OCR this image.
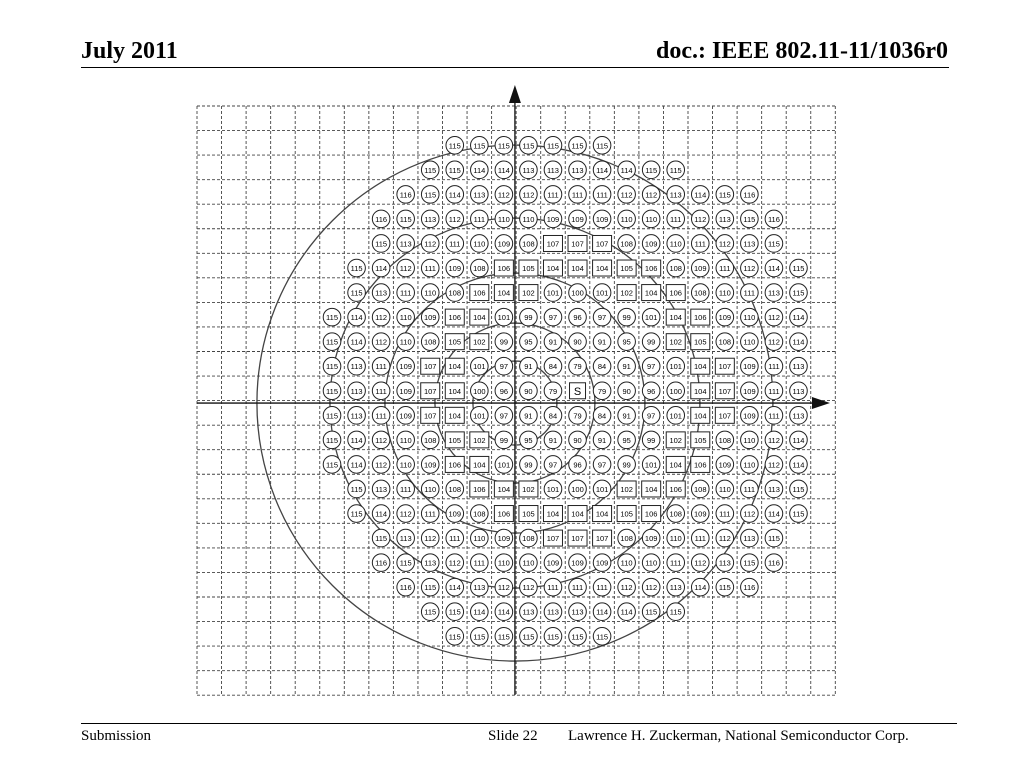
July 2011	doc.: IEEE 802.11-11/1036r0
115 115 115 115 115 115 115
115 115 114 114 113 113 113 114 114 115 115
116 115 114 113 112 112 111 111 111 112 112 113 114 115 116
116 115 113 112 111 110 110 109 109 109 110 110 111 112 113 115 116
115 113 112 111 110 109 108 107 107 107 108 109 110 111 112 113 115
115 114 112 111 109 108 106 105 104 104 104 105 106 108 109 111 112 114 115
115 113 111 110 108 106 104 102 101 100 101 102 104 106 108 110 111 113 115
115 114 112 110 109 106 104 101 99 97 96 97 99 101 104 106 109 110 112 114
115 114 112 110 108 105 102 99 95 91 90 91 95 99 102 105 108 110 112 114
115 113 111 109 107 104 101 97 91 84 79 84 91 97 101 104 107 109 111 113
115 113 111 109 107 104 100 96 90 79 S 79 90 96 100 104 107 109 111 113
115 113 111 109 107 104 101 97 91 84 79 84 91 97 101 104 107 109 111 113
115 114 112 110 108 105 102 99 95 91 90 91 95 99 102 105 108 110 112 114
115 114 112 110 109 106 104 101 99 97 96 97 99 101 104 106 109 110 112 114
115 113 111 110 108 106 104 102 101 100 101 102 104 106 108 110 111 113 115
115 114 112 111 109 108 106 105 104 104 104 105 106 108 109 111 112 114 115
115 113 112 111 110 109 108 107 107 107 108 109 110 111 112 113 115
116 115 113 112 111 110 110 109 109 109 110 110 111 112 113 115 116
116 115 114 113 112 112 111 111 111 112 112 113 114 115 116
115 115 114 114 113 113 113 114 114 115 115
115 115 115 115 115 115 115
Submission	Slide 22 Lawrence H. Zuckerman, National Semiconductor Corp.
